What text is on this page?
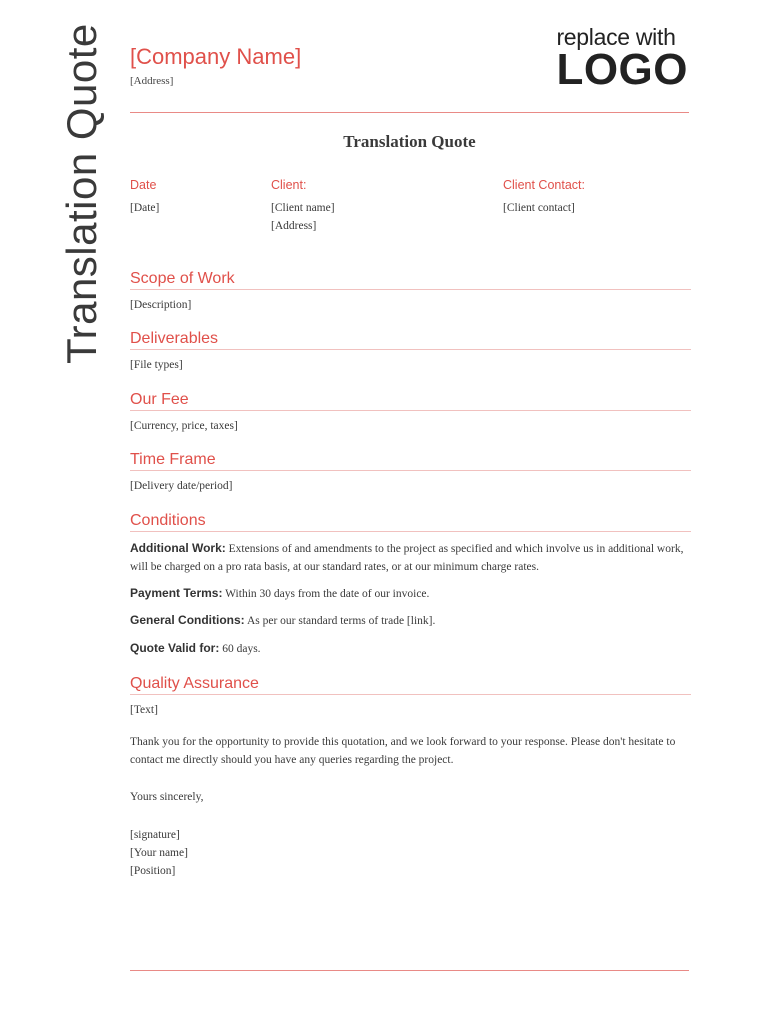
Translation Quote [Company Name]
[Address]
replace with
LOGO
Translation Quote
Date
[Date]
Client:
[Client name]
[Address]
Client Contact:
[Client contact]
Scope of Work
[Description]
Deliverables
[File types]
Our Fee
[Currency, price, taxes]
Time Frame
[Delivery date/period]
Conditions
Additional Work: Extensions of and amendments to the project as specified and which involve us in additional work, will be charged on a pro rata basis, at our standard rates, or at our minimum charge rates.
Payment Terms: Within 30 days from the date of our invoice.
General Conditions: As per our standard terms of trade [link].
Quote Valid for: 60 days.
Quality Assurance
[Text]
Thank you for the opportunity to provide this quotation, and we look forward to your response. Please don't hesitate to contact me directly should you have any queries regarding the project.
Yours sincerely,
[signature]
[Your name]
[Position]
